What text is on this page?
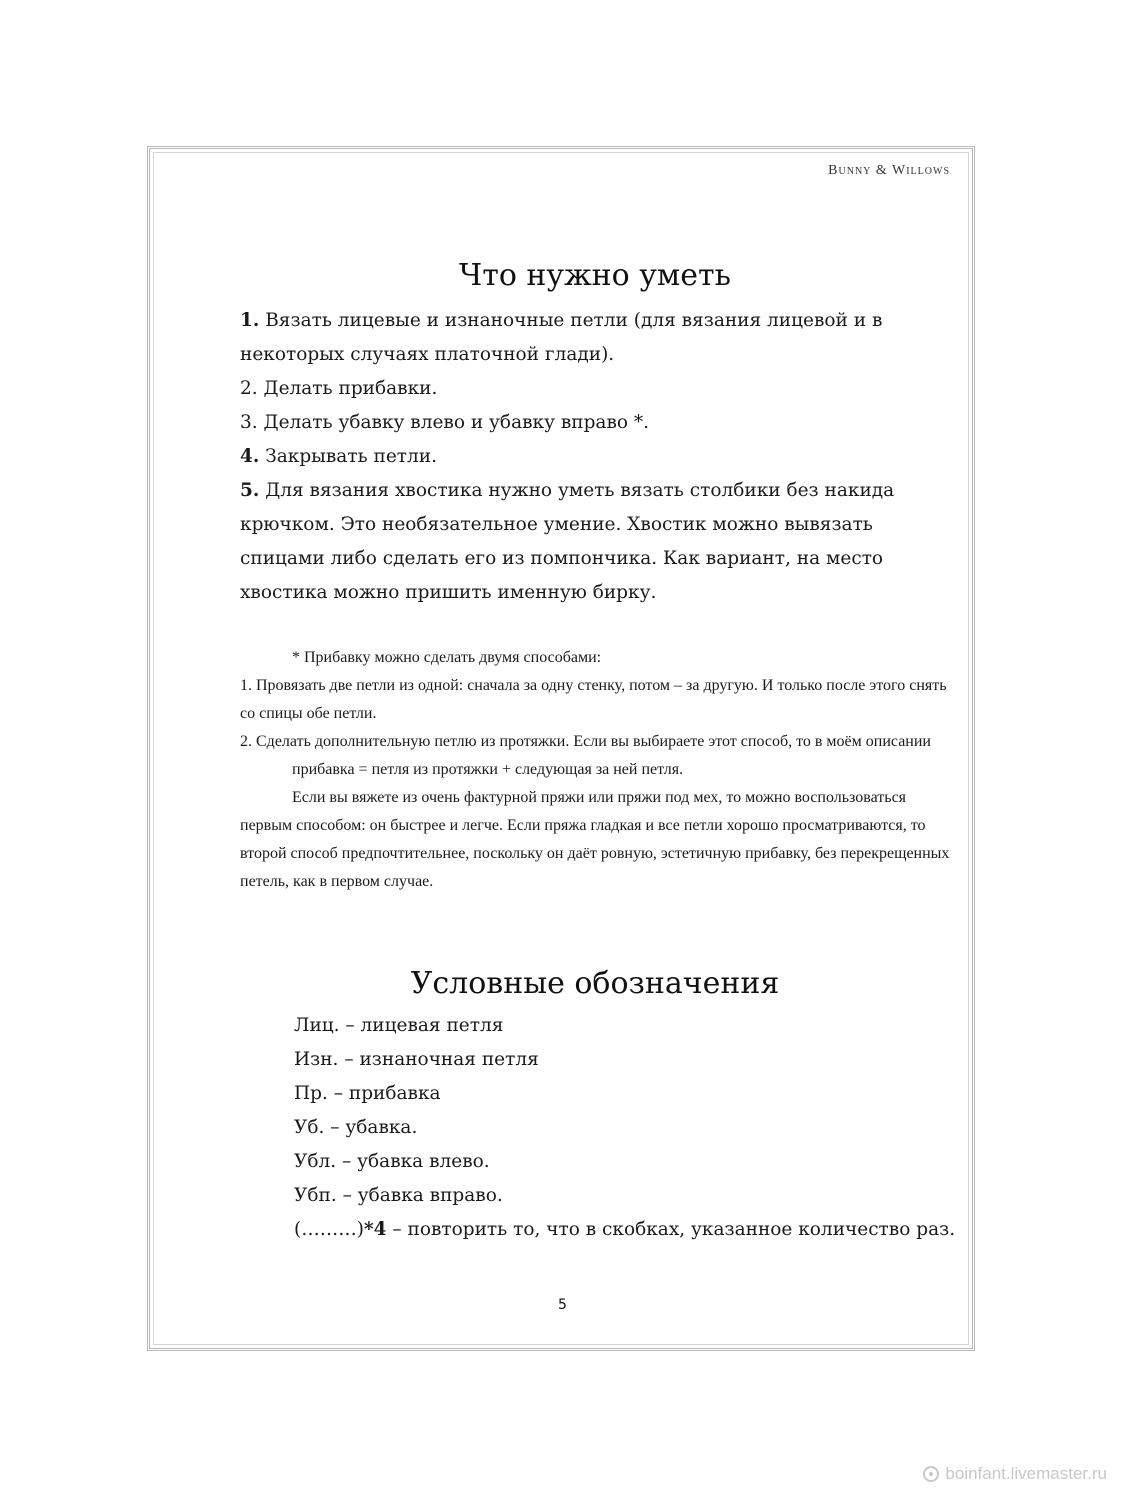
Bunny & Willows
Что нужно уметь

1. Вязать лицевые и изнаночные петли (для вязания лицевой и в некоторых случаях платочной глади).

2. Делать прибавки.

3. Делать убавку влево и убавку вправо *.

4. Закрывать петли.

5. Для вязания хвостика нужно уметь вязать столбики без накида крючком. Это необязательное умение. Хвостик можно вывязать спицами либо сделать его из помпончика. Как вариант, на место хвостика можно пришить именную бирку.

* Прибавку можно сделать двумя способами:

1. Провязать две петли из одной: сначала за одну стенку, потом – за другую. И только после этого снять со спицы обе петли.

2. Сделать дополнительную петлю из протяжки. Если вы выбираете этот способ, то в моём описании

прибавка = петля из протяжки + следующая за ней петля.

Если вы вяжете из очень фактурной пряжи или пряжи под мех, то можно воспользоваться первым способом: он быстрее и легче. Если пряжа гладкая и все петли хорошо просматриваются, то второй способ предпочтительнее, поскольку он даёт ровную, эстетичную прибавку, без перекрещенных петель, как в первом случае.

Условные обозначения

Лиц. – лицевая петля

Изн. – изнаночная петля

Пр. – прибавка

Уб. – убавка.

Убл. – убавка влево.

Убп. – убавка вправо.

(………)*4 – повторить то, что в скобках, указанное количество раз.

5
boinfant.livemaster.ru
